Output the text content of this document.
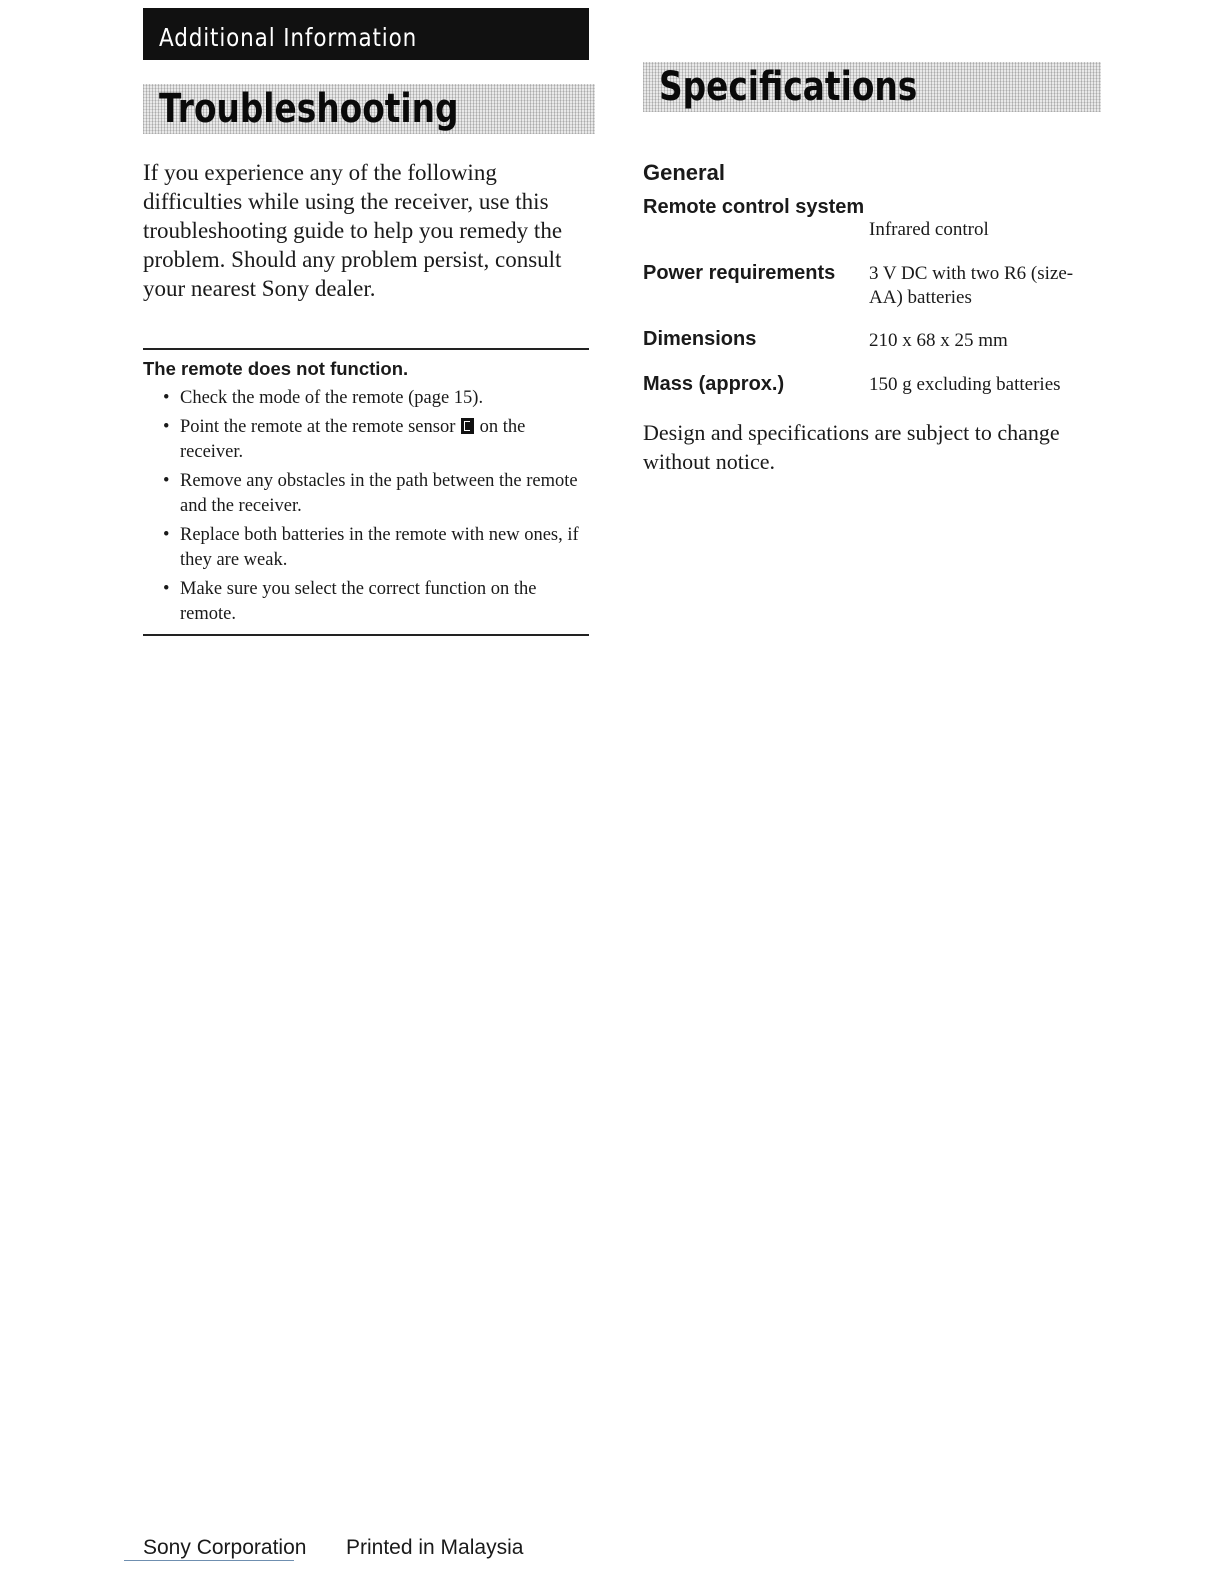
Additional Information
Troubleshooting

If you experience any of the following difficulties while using the receiver, use this troubleshooting guide to help you remedy the problem. Should any problem persist, consult your nearest Sony dealer.

The remote does not function.

• Check the mode of the remote (page 15).
• Point the remote at the remote sensor on the receiver.
• Remove any obstacles in the path between the remote and the receiver.
• Replace both batteries in the remote with new ones, if they are weak.
• Make sure you select the correct function on the remote.
Specifications

General

Remote control system

Infrared control

Power requirements 3 V DC with two R6 (size-AA) batteries

Dimensions	210 x 68 x 25 mm

Mass (approx.)	150 g excluding batteries

Design and specifications are subject to change without notice.

Sony Corporation Printed in Malaysia
